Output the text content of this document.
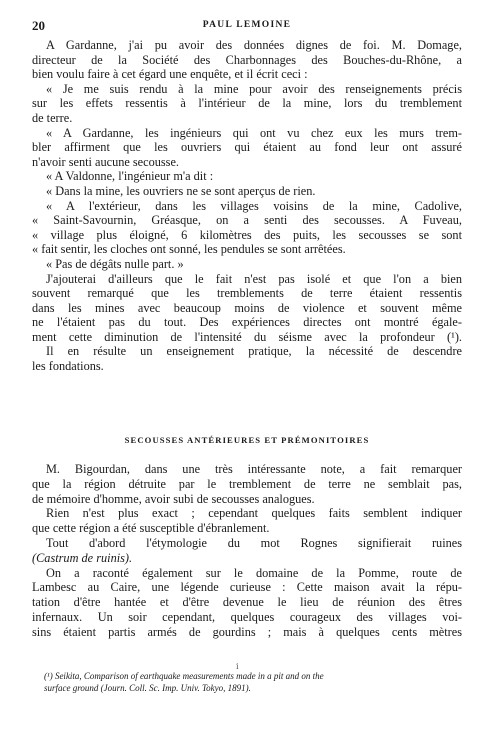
20	PAUL LEMOINE
A Gardanne, j'ai pu avoir des données dignes de foi. M. Domage,
directeur de la Société des Charbonnages des Bouches-du-Rhône, a
bien voulu faire à cet égard une enquête, et il écrit ceci :
« Je me suis rendu à la mine pour avoir des renseignements précis
sur les effets ressentis à l'intérieur de la mine, lors du tremblement
de terre.
« A Gardanne, les ingénieurs qui ont vu chez eux les murs trem-
bler affirment que les ouvriers qui étaient au fond leur ont assuré
n'avoir senti aucune secousse.
« A Valdonne, l'ingénieur m'a dit :
« Dans la mine, les ouvriers ne se sont aperçus de rien.
« A l'extérieur, dans les villages voisins de la mine, Cadolive,
« Saint-Savournin, Gréasque, on a senti des secousses. A Fuveau,
« village plus éloigné, 6 kilomètres des puits, les secousses se sont
« fait sentir, les cloches ont sonné, les pendules se sont arrêtées.
« Pas de dégâts nulle part. »
J'ajouterai d'ailleurs que le fait n'est pas isolé et que l'on a bien
souvent remarqué que les tremblements de terre étaient ressentis
dans les mines avec beaucoup moins de violence et souvent même
ne l'étaient pas du tout. Des expériences directes ont montré égale-
ment cette diminution de l'intensité du séisme avec la profondeur (¹).
Il en résulte un enseignement pratique, la nécessité de descendre
les fondations.
SECOUSSES ANTÉRIEURES ET PRÉMONITOIRES
M. Bigourdan, dans une très intéressante note, a fait remarquer
que la région détruite par le tremblement de terre ne semblait pas,
de mémoire d'homme, avoir subi de secousses analogues.
Rien n'est plus exact ; cependant quelques faits semblent indiquer
que cette région a été susceptible d'ébranlement.
Tout d'abord l'étymologie du mot Rognes signifierait ruines
(Castrum de ruinis).
On a raconté également sur le domaine de la Pomme, route de
Lambesc au Caire, une légende curieuse : Cette maison avait la répu-
tation d'être hantée et d'être devenue le lieu de réunion des êtres
infernaux. Un soir cependant, quelques courageux des villages voi-
sins étaient partis armés de gourdins ; mais à quelques cents mètres
i
(¹) Seikita, Comparison of earthquake measurements made in a pit and on the
surface ground (Journ. Coll. Sc. Imp. Univ. Tokyo, 1891).
